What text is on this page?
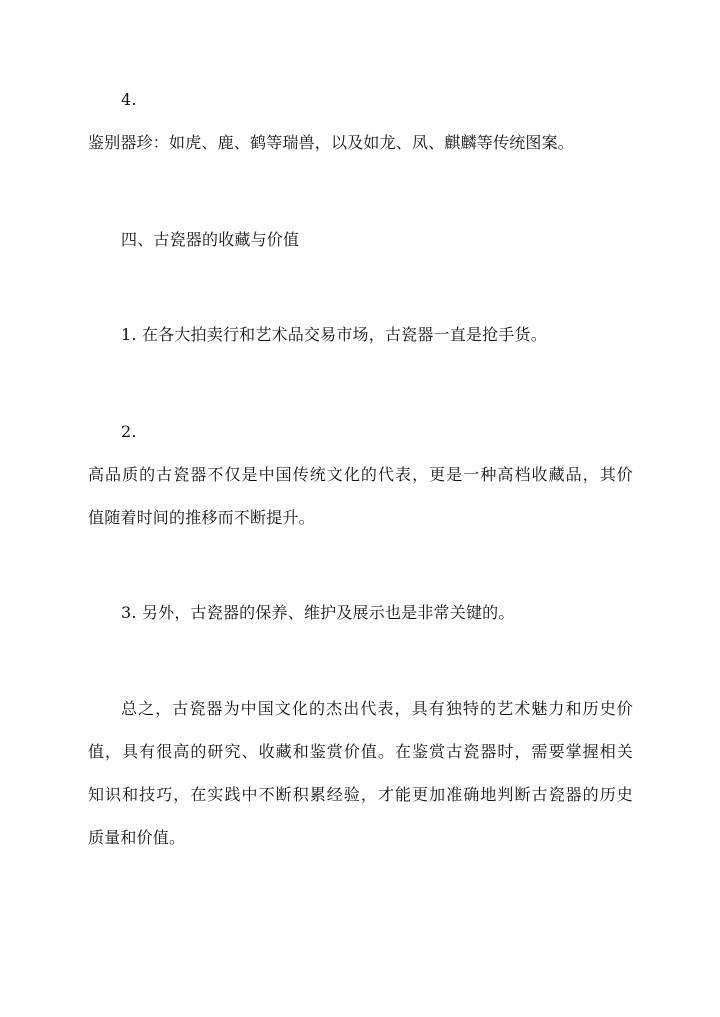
4.

鉴别器珍：如虎、鹿、鹤等瑞兽，以及如龙、凤、麒麟等传统图案。

四、古瓷器的收藏与价值

1. 在各大拍卖行和艺术品交易市场，古瓷器一直是抢手货。

2.

高品质的古瓷器不仅是中国传统文化的代表，更是一种高档收藏品，其价

值随着时间的推移而不断提升。

3. 另外，古瓷器的保养、维护及展示也是非常关键的。

总之，古瓷器为中国文化的杰出代表，具有独特的艺术魅力和历史价

值，具有很高的研究、收藏和鉴赏价值。在鉴赏古瓷器时，需要掌握相关

知识和技巧，在实践中不断积累经验，才能更加准确地判断古瓷器的历史

质量和价值。
